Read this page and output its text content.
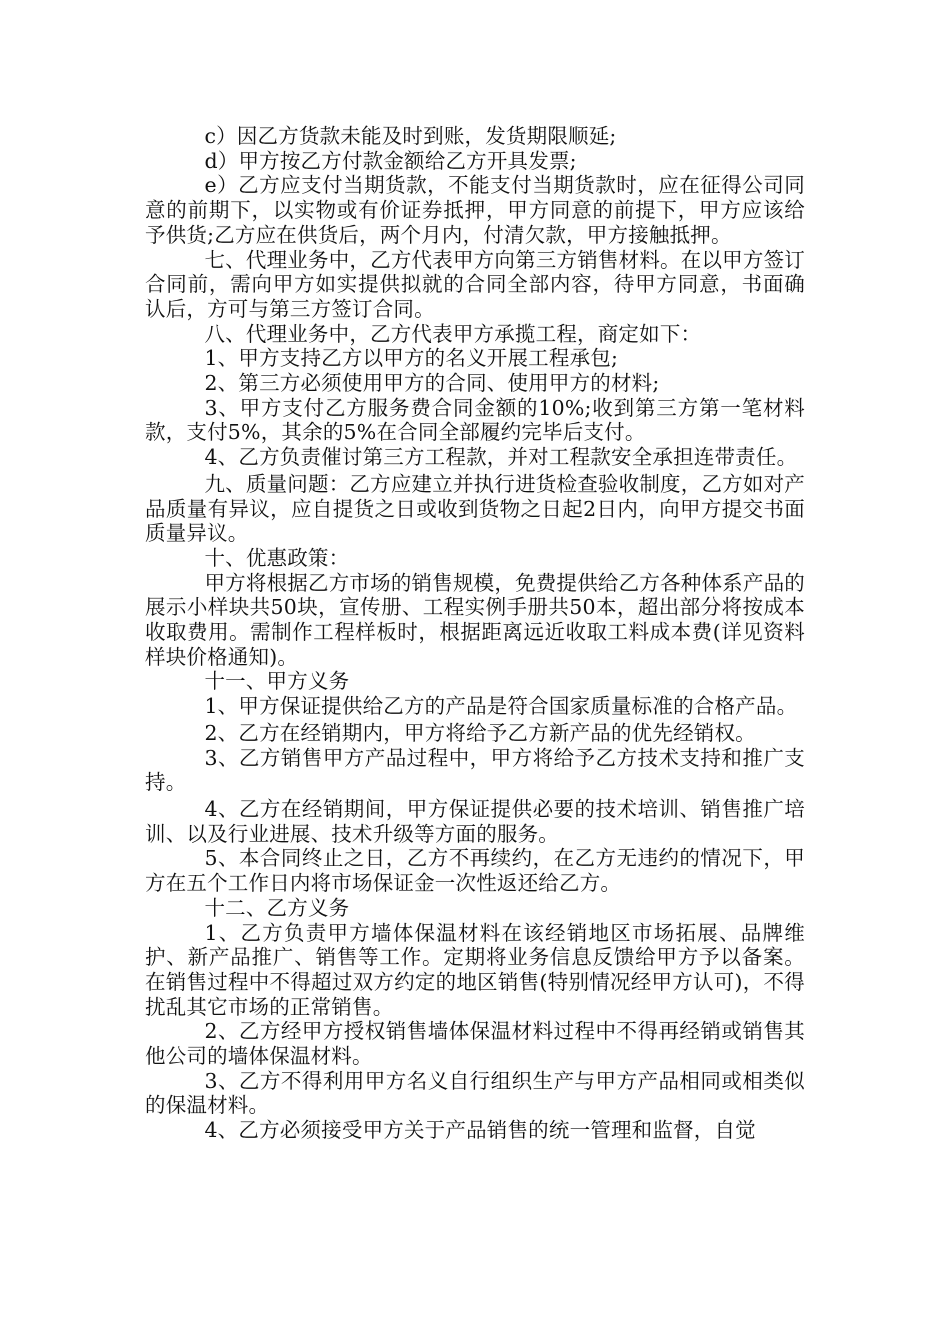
c）因乙方货款未能及时到账，发货期限顺延;

d）甲方按乙方付款金额给乙方开具发票;

e）乙方应支付当期货款，不能支付当期货款时，应在征得公司同意的前期下，以实物或有价证券抵押，甲方同意的前提下，甲方应该给予供货;乙方应在供货后，两个月内，付清欠款，甲方接触抵押。

七、代理业务中，乙方代表甲方向第三方销售材料。在以甲方签订合同前，需向甲方如实提供拟就的合同全部内容，待甲方同意，书面确认后，方可与第三方签订合同。

八、代理业务中，乙方代表甲方承揽工程，商定如下：

1、甲方支持乙方以甲方的名义开展工程承包;

2、第三方必须使用甲方的合同、使用甲方的材料;

3、甲方支付乙方服务费合同金额的10%;收到第三方第一笔材料款，支付5%，其余的5%在合同全部履约完毕后支付。

4、乙方负责催讨第三方工程款，并对工程款安全承担连带责任。

九、质量问题：乙方应建立并执行进货检查验收制度，乙方如对产品质量有异议，应自提货之日或收到货物之日起2日内，向甲方提交书面质量异议。

十、优惠政策：

甲方将根据乙方市场的销售规模，免费提供给乙方各种体系产品的展示小样块共50块，宣传册、工程实例手册共50本，超出部分将按成本收取费用。需制作工程样板时，根据距离远近收取工料成本费(详见资料样块价格通知)。

十一、甲方义务

1、甲方保证提供给乙方的产品是符合国家质量标准的合格产品。

2、乙方在经销期内，甲方将给予乙方新产品的优先经销权。

3、乙方销售甲方产品过程中，甲方将给予乙方技术支持和推广支持。

4、乙方在经销期间，甲方保证提供必要的技术培训、销售推广培训、以及行业进展、技术升级等方面的服务。

5、本合同终止之日，乙方不再续约，在乙方无违约的情况下，甲方在五个工作日内将市场保证金一次性返还给乙方。

十二、乙方义务

1、乙方负责甲方墙体保温材料在该经销地区市场拓展、品牌维护、新产品推广、销售等工作。定期将业务信息反馈给甲方予以备案。在销售过程中不得超过双方约定的地区销售(特别情况经甲方认可)，不得扰乱其它市场的正常销售。

2、乙方经甲方授权销售墙体保温材料过程中不得再经销或销售其他公司的墙体保温材料。

3、乙方不得利用甲方名义自行组织生产与甲方产品相同或相类似的保温材料。

4、乙方必须接受甲方关于产品销售的统一管理和监督，自觉
